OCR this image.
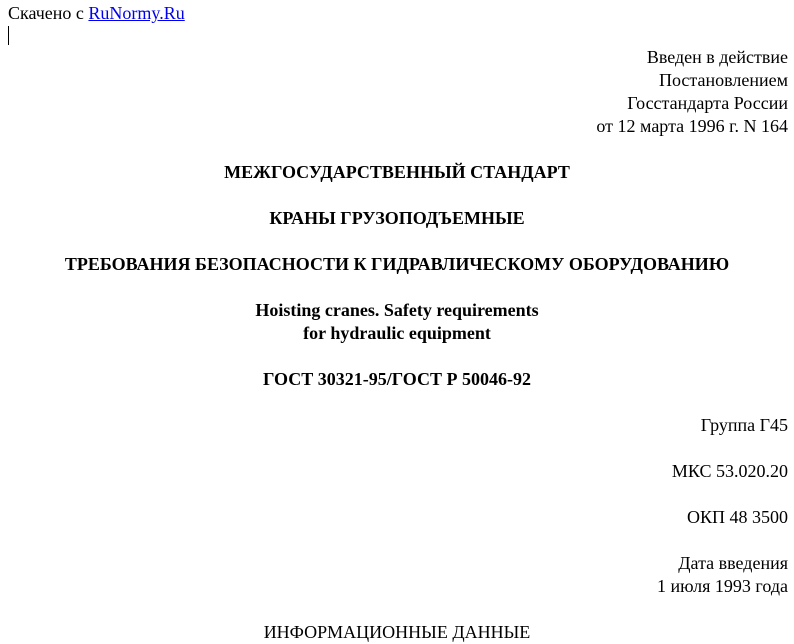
Скачено с RuNormy.Ru
Введен в действие
Постановлением
Госстандарта России
от 12 марта 1996 г. N 164
МЕЖГОСУДАРСТВЕННЫЙ СТАНДАРТ
КРАНЫ ГРУЗОПОДЪЕМНЫЕ
ТРЕБОВАНИЯ БЕЗОПАСНОСТИ К ГИДРАВЛИЧЕСКОМУ ОБОРУДОВАНИЮ
Hoisting cranes. Safety requirements
for hydraulic equipment
ГОСТ 30321-95/ГОСТ Р 50046-92
Группа Г45
МКС 53.020.20
ОКП 48 3500
Дата введения
1 июля 1993 года
ИНФОРМАЦИОННЫЕ ДАННЫЕ
